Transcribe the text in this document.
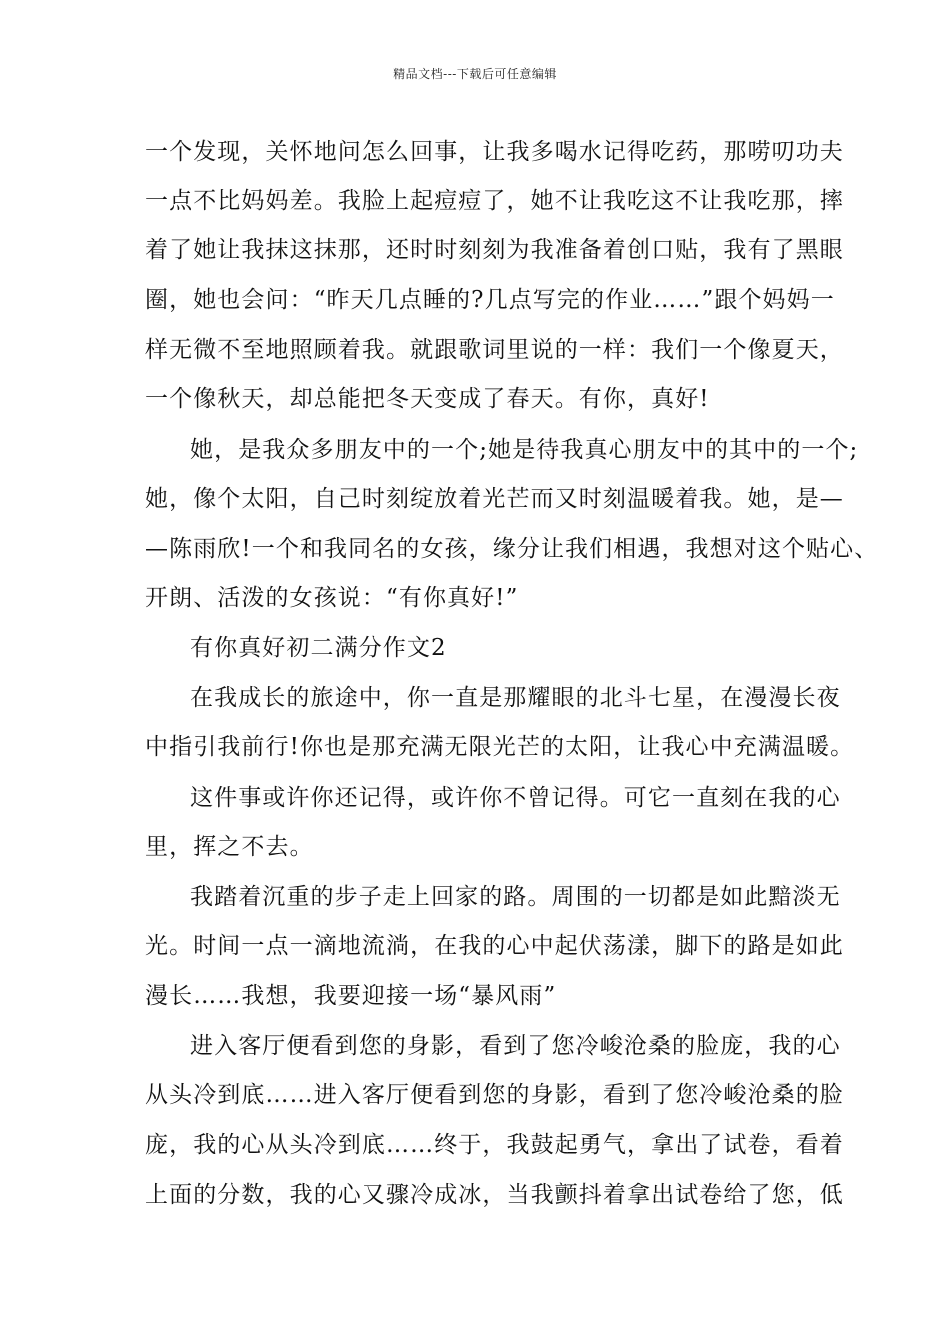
精品文档---下载后可任意编辑
一个发现，关怀地问怎么回事，让我多喝水记得吃药，那唠叨功夫
一点不比妈妈差。我脸上起痘痘了，她不让我吃这不让我吃那，摔
着了她让我抹这抹那，还时时刻刻为我准备着创口贴，我有了黑眼
圈，她也会问：“昨天几点睡的?几点写完的作业……”跟个妈妈一
样无微不至地照顾着我。就跟歌词里说的一样：我们一个像夏天，
一个像秋天，却总能把冬天变成了春天。有你，真好!
她，是我众多朋友中的一个;她是待我真心朋友中的其中的一个;
她，像个太阳，自己时刻绽放着光芒而又时刻温暖着我。她，是—
—陈雨欣!一个和我同名的女孩，缘分让我们相遇，我想对这个贴心、
开朗、活泼的女孩说：“有你真好!”
有你真好初二满分作文2
在我成长的旅途中，你一直是那耀眼的北斗七星，在漫漫长夜
中指引我前行!你也是那充满无限光芒的太阳，让我心中充满温暖。
这件事或许你还记得，或许你不曾记得。可它一直刻在我的心
里，挥之不去。
我踏着沉重的步子走上回家的路。周围的一切都是如此黯淡无
光。时间一点一滴地流淌，在我的心中起伏荡漾，脚下的路是如此
漫长……我想，我要迎接一场“暴风雨”
进入客厅便看到您的身影，看到了您冷峻沧桑的脸庞，我的心
从头冷到底……进入客厅便看到您的身影，看到了您冷峻沧桑的脸
庞，我的心从头冷到底……终于，我鼓起勇气，拿出了试卷，看着
上面的分数，我的心又骤冷成冰，当我颤抖着拿出试卷给了您，低
